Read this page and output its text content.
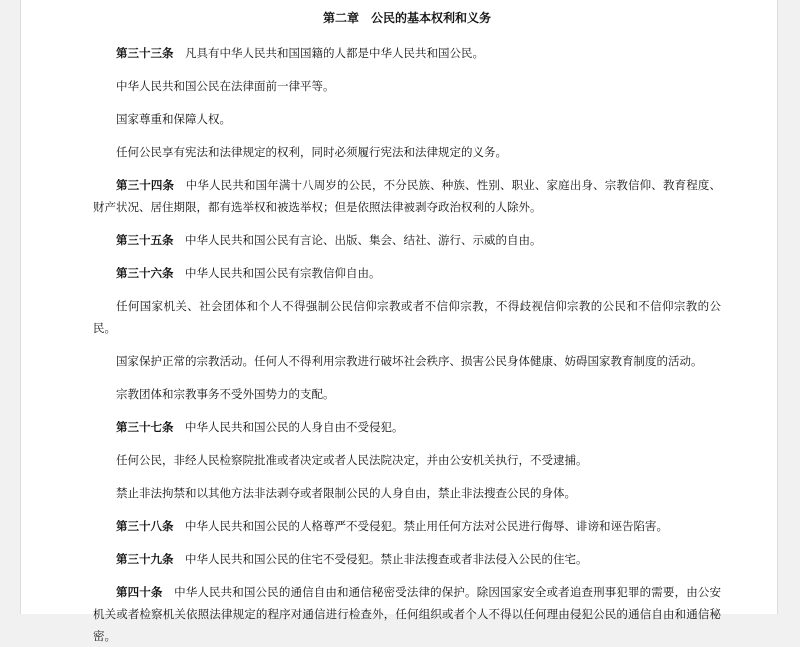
第二章　公民的基本权利和义务

第三十三条 凡具有中华人民共和国国籍的人都是中华人民共和国公民。

中华人民共和国公民在法律面前一律平等。

国家尊重和保障人权。

任何公民享有宪法和法律规定的权利，同时必须履行宪法和法律规定的义务。

第三十四条 中华人民共和国年满十八周岁的公民，不分民族、种族、性别、职业、家庭出身、宗教信仰、教育程度、财产状况、居住期限，都有选举权和被选举权；但是依照法律被剥夺政治权利的人除外。

第三十五条 中华人民共和国公民有言论、出版、集会、结社、游行、示威的自由。

第三十六条 中华人民共和国公民有宗教信仰自由。

任何国家机关、社会团体和个人不得强制公民信仰宗教或者不信仰宗教，不得歧视信仰宗教的公民和不信仰宗教的公民。

国家保护正常的宗教活动。任何人不得利用宗教进行破坏社会秩序、损害公民身体健康、妨碍国家教育制度的活动。

宗教团体和宗教事务不受外国势力的支配。

第三十七条 中华人民共和国公民的人身自由不受侵犯。

任何公民，非经人民检察院批准或者决定或者人民法院决定，并由公安机关执行，不受逮捕。

禁止非法拘禁和以其他方法非法剥夺或者限制公民的人身自由，禁止非法搜查公民的身体。

第三十八条 中华人民共和国公民的人格尊严不受侵犯。禁止用任何方法对公民进行侮辱、诽谤和诬告陷害。

第三十九条 中华人民共和国公民的住宅不受侵犯。禁止非法搜查或者非法侵入公民的住宅。

第四十条 中华人民共和国公民的通信自由和通信秘密受法律的保护。除因国家安全或者追查刑事犯罪的需要，由公安机关或者检察机关依照法律规定的程序对通信进行检查外，任何组织或者个人不得以任何理由侵犯公民的通信自由和通信秘密。
